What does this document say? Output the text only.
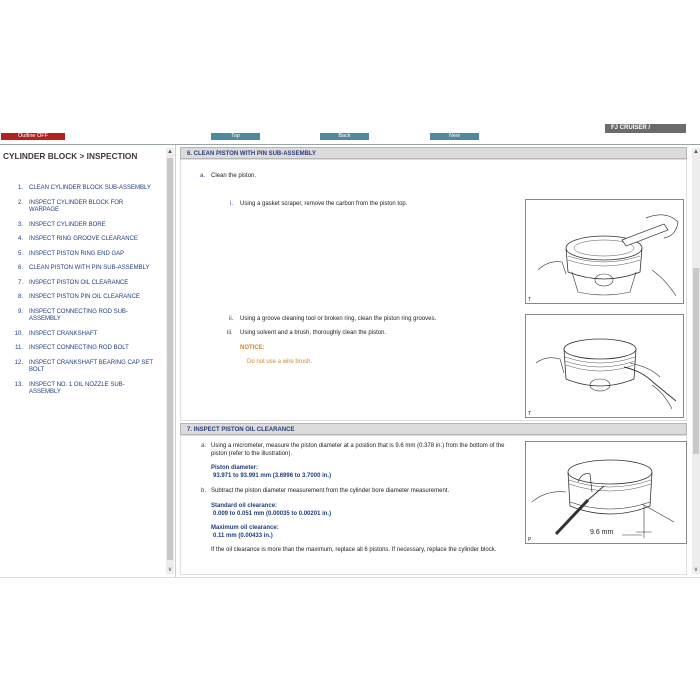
Outline OFF	Top	Back	New
FJ CRUISER /
CYLINDER BLOCK > INSPECTION
1.	CLEAN CYLINDER BLOCK SUB-ASSEMBLY
2.	INSPECT CYLINDER BLOCK FOR WARPAGE
3.	INSPECT CYLINDER BORE
4.	INSPECT RING GROOVE CLEARANCE
5.	INSPECT PISTON RING END GAP
6.	CLEAN PISTON WITH PIN SUB-ASSEMBLY
7.	INSPECT PISTON OIL CLEARANCE
8.	INSPECT PISTON PIN OIL CLEARANCE
9.	INSPECT CONNECTING ROD SUB-ASSEMBLY
10.	INSPECT CRANKSHAFT
11.	INSPECT CONNECTING ROD BOLT
12.	INSPECT CRANKSHAFT BEARING CAP SET BOLT
13.	INSPECT NO. 1 OIL NOZZLE SUB-ASSEMBLY
▲
∨
6. CLEAN PISTON WITH PIN SUB-ASSEMBLY
a. Clean the piston.
i. Using a gasket scraper, remove the carbon from the piston top.
T
ii. Using a groove cleaning tool or broken ring, clean the piston ring grooves.
iii. Using solvent and a brush, thoroughly clean the piston.
NOTICE:
Do not use a wire brush.
T
7. INSPECT PISTON OIL CLEARANCE
a. Using a micrometer, measure the piston diameter at a position that is 9.6 mm (0.378 in.) from the bottom of the piston (refer to the illustration).
Piston diameter:
93.971 to 93.991 mm (3.6996 to 3.7000 in.)
b. Subtract the piston diameter measurement from the cylinder bore diameter measurement.
Standard oil clearance:
0.009 to 0.051 mm (0.00035 to 0.00201 in.)
Maximum oil clearance:
0.11 mm (0.00433 in.)
If the oil clearance is more than the maximum, replace all 6 pistons. If necessary, replace the cylinder block.
9.6 mm
P
▲
∨
